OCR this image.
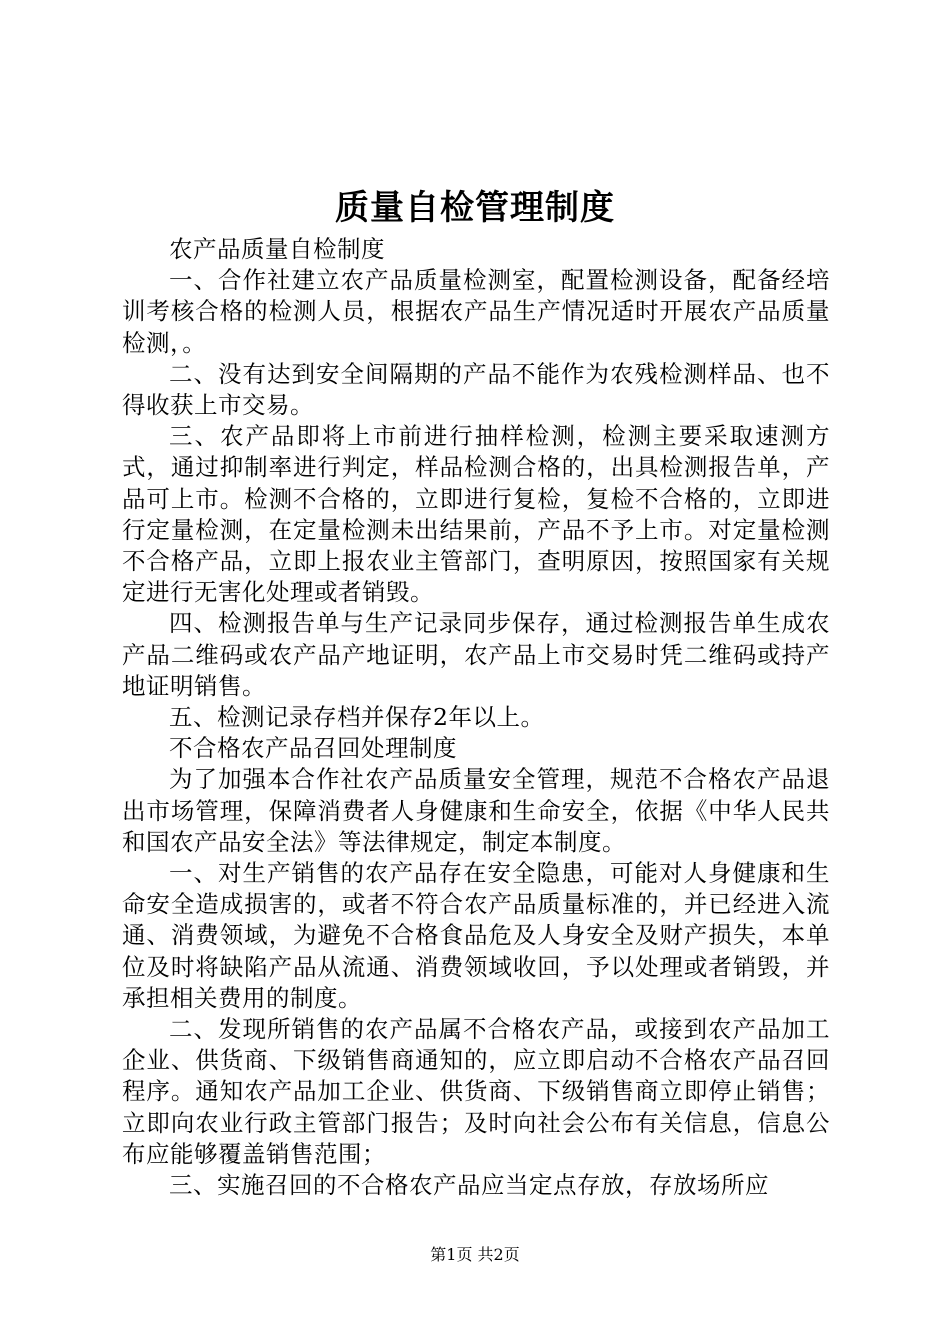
质量自检管理制度

农产品质量自检制度

一、合作社建立农产品质量检测室，配置检测设备，配备经培训考核合格的检测人员，根据农产品生产情况适时开展农产品质量检测，。

二、没有达到安全间隔期的产品不能作为农残检测样品、也不得收获上市交易。

三、农产品即将上市前进行抽样检测，检测主要采取速测方式，通过抑制率进行判定，样品检测合格的，出具检测报告单，产品可上市。检测不合格的，立即进行复检，复检不合格的，立即进行定量检测，在定量检测未出结果前，产品不予上市。对定量检测不合格产品，立即上报农业主管部门，查明原因，按照国家有关规定进行无害化处理或者销毁。

四、检测报告单与生产记录同步保存，通过检测报告单生成农产品二维码或农产品产地证明，农产品上市交易时凭二维码或持产地证明销售。

五、检测记录存档并保存2年以上。

不合格农产品召回处理制度

为了加强本合作社农产品质量安全管理，规范不合格农产品退出市场管理，保障消费者人身健康和生命安全，依据《中华人民共和国农产品安全法》等法律规定，制定本制度。

一、对生产销售的农产品存在安全隐患，可能对人身健康和生命安全造成损害的，或者不符合农产品质量标准的，并已经进入流通、消费领域，为避免不合格食品危及人身安全及财产损失，本单位及时将缺陷产品从流通、消费领域收回，予以处理或者销毁，并承担相关费用的制度。

二、发现所销售的农产品属不合格农产品，或接到农产品加工企业、供货商、下级销售商通知的，应立即启动不合格农产品召回程序。通知农产品加工企业、供货商、下级销售商立即停止销售；立即向农业行政主管部门报告；及时向社会公布有关信息，信息公布应能够覆盖销售范围；

三、实施召回的不合格农产品应当定点存放，存放场所应

第1页 共2页
